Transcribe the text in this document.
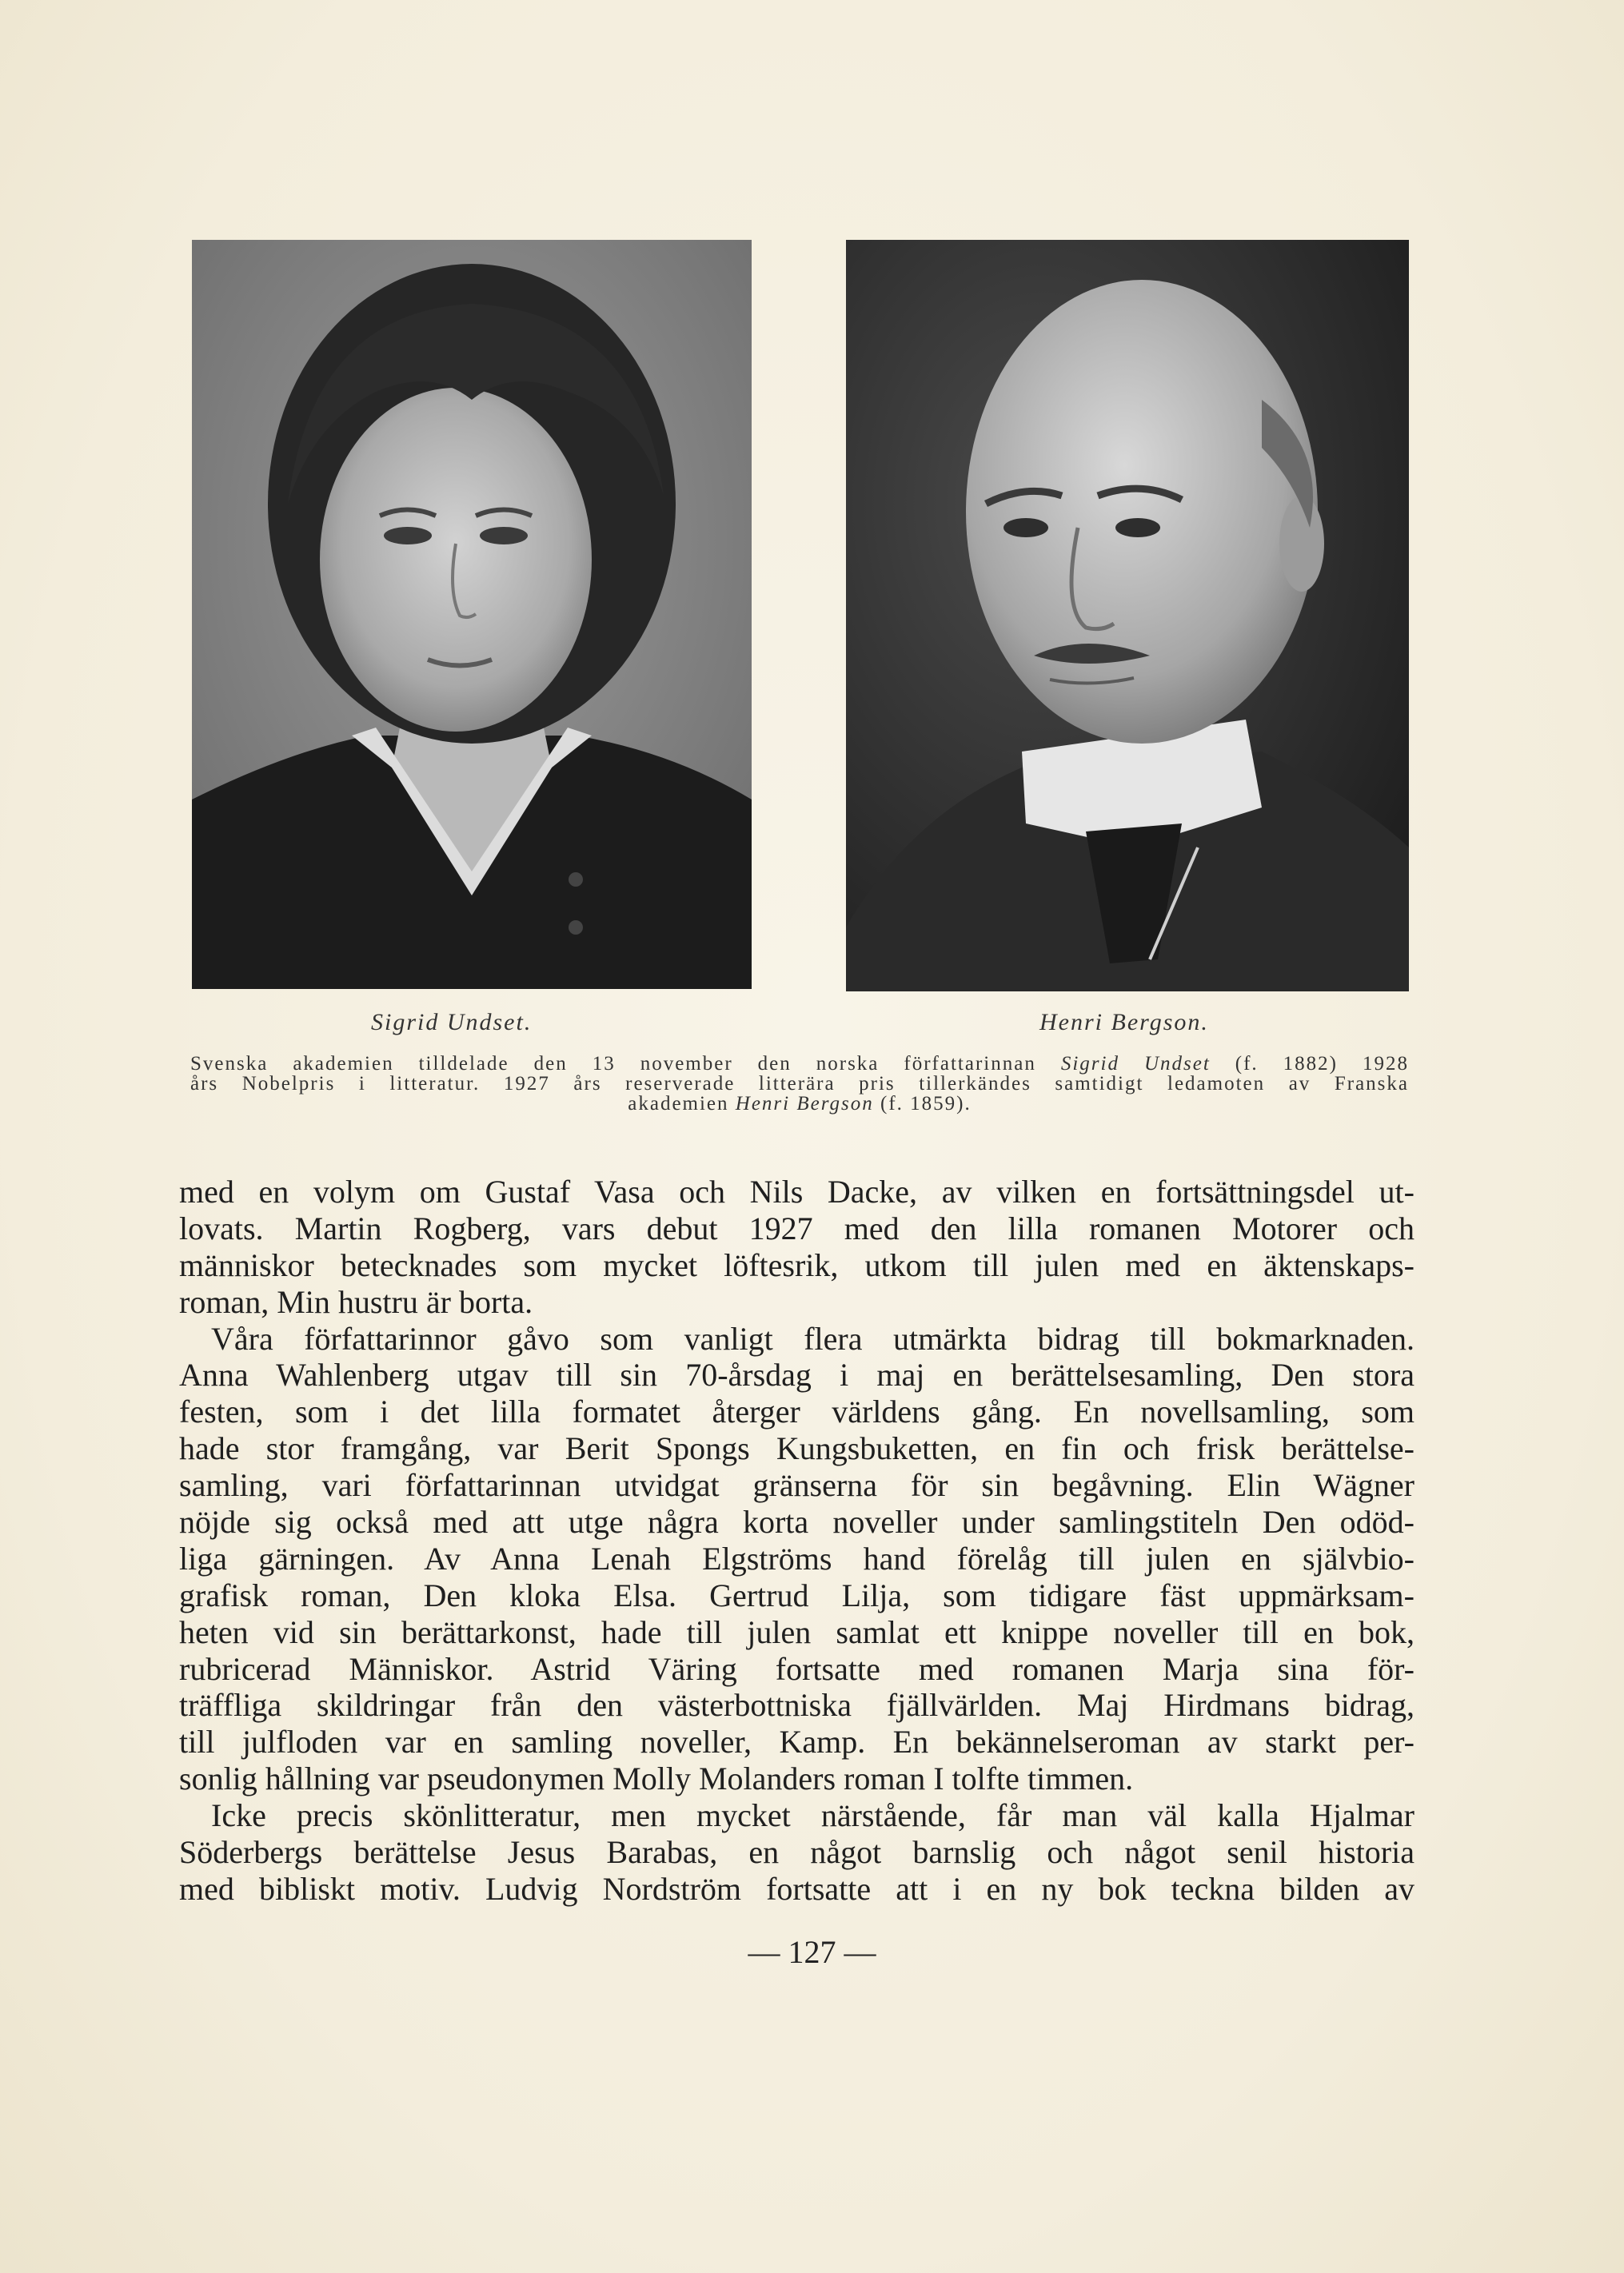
Sigrid Undset.	Henri Bergson.
Svenska akademien tilldelade den 13 november den norska författarinnan Sigrid Undset (f. 1882) 1928
års Nobelpris i litteratur. 1927 års reserverade litterära pris tillerkändes samtidigt ledamoten av Franska
akademien Henri Bergson (f. 1859).
med en volym om Gustaf Vasa och Nils Dacke, av vilken en fortsättningsdel ut-
lovats. Martin Rogberg, vars debut 1927 med den lilla romanen Motorer och
människor betecknades som mycket löftesrik, utkom till julen med en äktenskaps-
roman, Min hustru är borta.
Våra författarinnor gåvo som vanligt flera utmärkta bidrag till bokmarknaden.
Anna Wahlenberg utgav till sin 70-årsdag i maj en berättelsesamling, Den stora
festen, som i det lilla formatet återger världens gång. En novellsamling, som
hade stor framgång, var Berit Spongs Kungsbuketten, en fin och frisk berättelse-
samling, vari författarinnan utvidgat gränserna för sin begåvning. Elin Wägner
nöjde sig också med att utge några korta noveller under samlingstiteln Den odöd-
liga gärningen. Av Anna Lenah Elgströms hand förelåg till julen en självbio-
grafisk roman, Den kloka Elsa. Gertrud Lilja, som tidigare fäst uppmärksam-
heten vid sin berättarkonst, hade till julen samlat ett knippe noveller till en bok,
rubricerad Människor. Astrid Väring fortsatte med romanen Marja sina för-
träffliga skildringar från den västerbottniska fjällvärlden. Maj Hirdmans bidrag,
till julfloden var en samling noveller, Kamp. En bekännelseroman av starkt per-
sonlig hållning var pseudonymen Molly Molanders roman I tolfte timmen.
Icke precis skönlitteratur, men mycket närstående, får man väl kalla Hjalmar
Söderbergs berättelse Jesus Barabas, en något barnslig och något senil historia
med bibliskt motiv. Ludvig Nordström fortsatte att i en ny bok teckna bilden av
— 127 —
